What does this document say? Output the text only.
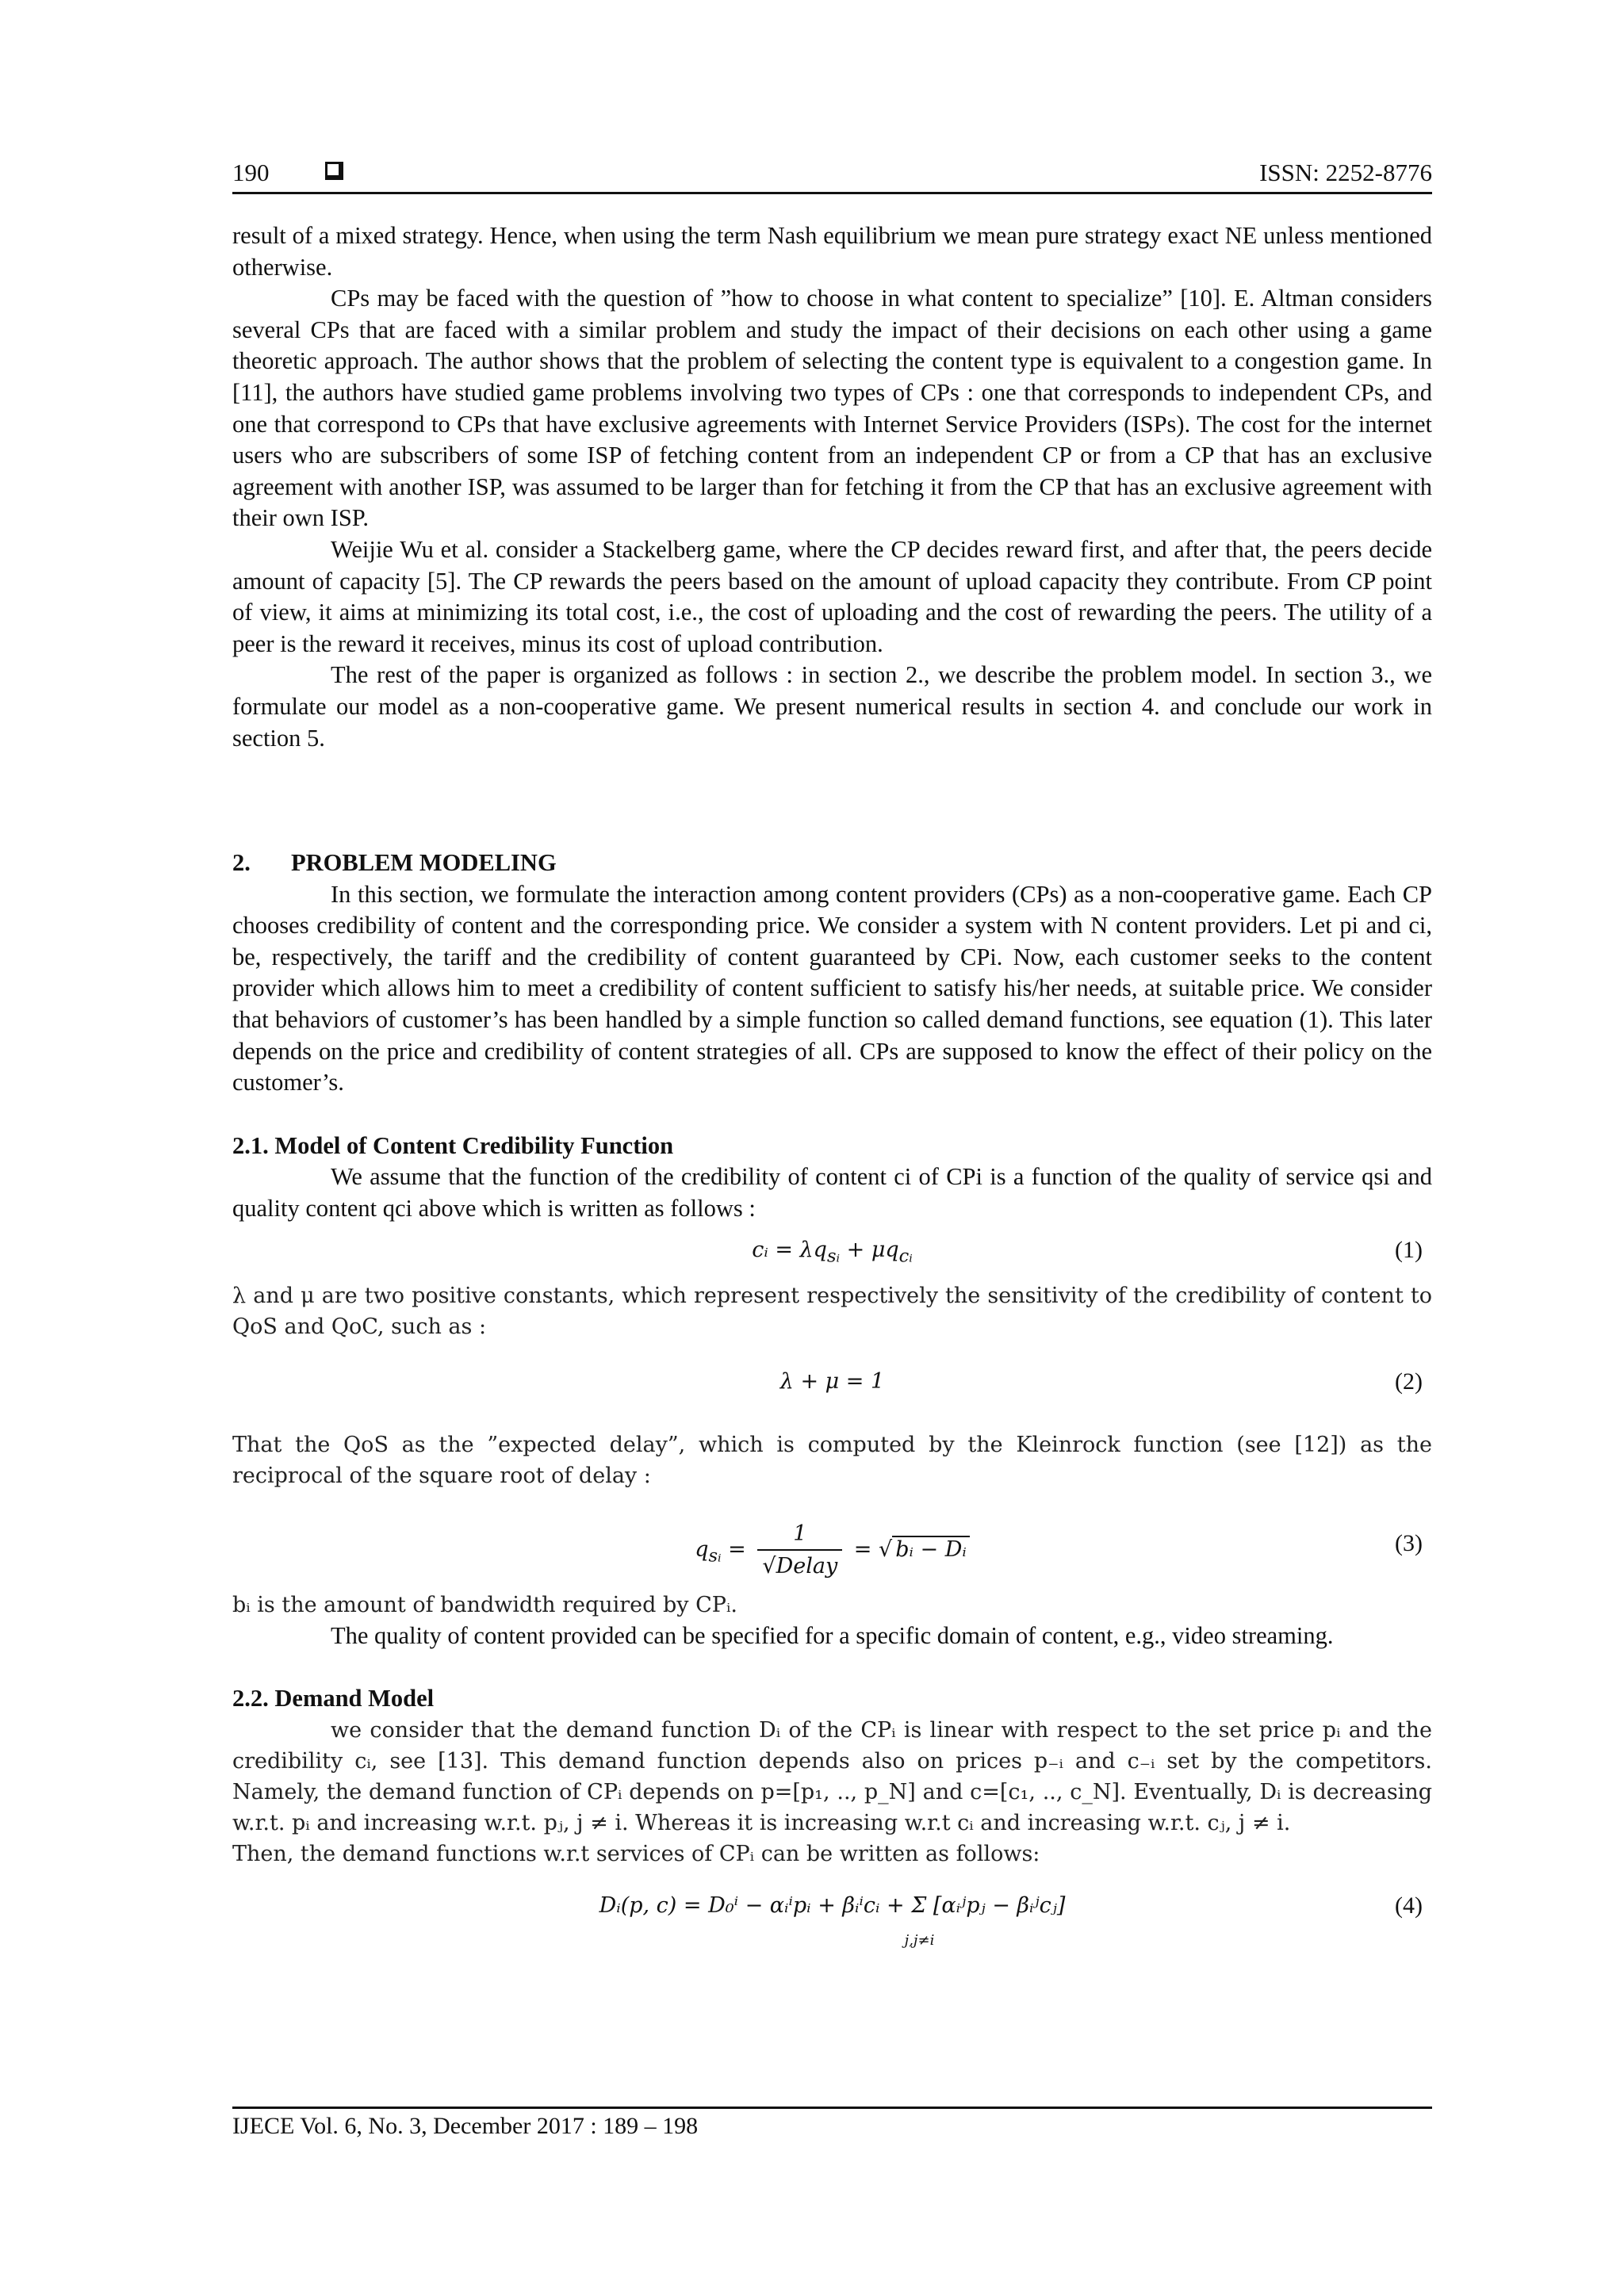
190	ISSN: 2252-8776

result of a mixed strategy. Hence, when using the term Nash equilibrium we mean pure strategy exact NE unless mentioned otherwise.

CPs may be faced with the question of ”how to choose in what content to specialize” [10]. E. Altman considers several CPs that are faced with a similar problem and study the impact of their decisions on each other using a game theoretic approach. The author shows that the problem of selecting the content type is equivalent to a congestion game. In [11], the authors have studied game problems involving two types of CPs : one that corresponds to independent CPs, and one that correspond to CPs that have exclusive agreements with Internet Service Providers (ISPs). The cost for the internet users who are subscribers of some ISP of fetching content from an independent CP or from a CP that has an exclusive agreement with another ISP, was assumed to be larger than for fetching it from the CP that has an exclusive agreement with their own ISP.

Weijie Wu et al. consider a Stackelberg game, where the CP decides reward first, and after that, the peers decide amount of capacity [5]. The CP rewards the peers based on the amount of upload capacity they contribute. From CP point of view, it aims at minimizing its total cost, i.e., the cost of uploading and the cost of rewarding the peers. The utility of a peer is the reward it receives, minus its cost of upload contribution.

The rest of the paper is organized as follows : in section 2., we describe the problem model. In section 3., we formulate our model as a non-cooperative game. We present numerical results in section 4. and conclude our work in section 5.

2. PROBLEM MODELING

In this section, we formulate the interaction among content providers (CPs) as a non-cooperative game. Each CP chooses credibility of content and the corresponding price. We consider a system with N content providers. Let pi and ci, be, respectively, the tariff and the credibility of content guaranteed by CPi. Now, each customer seeks to the content provider which allows him to meet a credibility of content sufficient to satisfy his/her needs, at suitable price. We consider that behaviors of customer’s has been handled by a simple function so called demand functions, see equation (1). This later depends on the price and credibility of content strategies of all. CPs are supposed to know the effect of their policy on the customer’s.

2.1. Model of Content Credibility Function

We assume that the function of the credibility of content ci of CPi is a function of the quality of service qsi and quality content qci above which is written as follows :

cᵢ = $\lambda q_{sᵢ} + \mu q_{cᵢ}$	(1)

λ and μ are two positive constants, which represent respectively the sensitivity of the credibility of content to QoS and QoC, such as :

λ + μ = 1	(2)

That the QoS as the ”expected delay”, which is computed by the Kleinrock function (see [12]) as the reciprocal of the square root of delay :

$q_{sᵢ} = \frac{1}{\text{√Delay}}$ = √ bᵢ − Dᵢ	(3)

bᵢ is the amount of bandwidth required by CPᵢ.

The quality of content provided can be specified for a specific domain of content, e.g., video streaming.

2.2. Demand Model

we consider that the demand function Dᵢ of the CPᵢ is linear with respect to the set price pᵢ and the credibility cᵢ, see [13]. This demand function depends also on prices p₋ᵢ and c₋ᵢ set by the competitors. Namely, the demand function of CPᵢ depends on p=[p₁, .., p_N] and c=[c₁, .., c_N]. Eventually, Dᵢ is decreasing w.r.t. pᵢ and increasing w.r.t. pⱼ, j ≠ i. Whereas it is increasing w.r.t cᵢ and increasing w.r.t. cⱼ, j ≠ i.

Then, the demand functions w.r.t services of CPᵢ can be written as follows:

Dᵢ(p, c) = D₀ⁱ − αᵢⁱpᵢ + βᵢⁱcᵢ + Σ [αᵢʲpⱼ − βᵢʲcⱼ]
j,j≠i
(4)
IJECE Vol. 6, No. 3, December 2017 : 189 – 198
